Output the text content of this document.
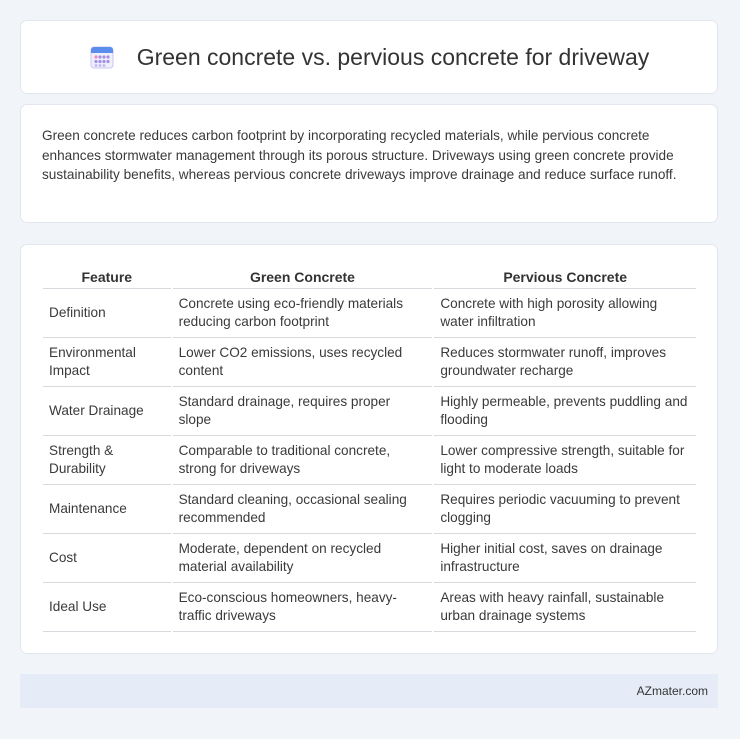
Green concrete vs. pervious concrete for driveway

Green concrete reduces carbon footprint by incorporating recycled materials, while pervious concrete enhances stormwater management through its porous structure. Driveways using green concrete provide sustainability benefits, whereas pervious concrete driveways improve drainage and reduce surface runoff.

Feature	Green Concrete	Pervious Concrete
Definition	Concrete using eco-friendly materials reducing carbon footprint	Concrete with high porosity allowing water infiltration
Environmental Impact	Lower CO2 emissions, uses recycled content	Reduces stormwater runoff, improves groundwater recharge
Water Drainage	Standard drainage, requires proper slope	Highly permeable, prevents puddling and flooding
Strength & Durability	Comparable to traditional concrete, strong for driveways	Lower compressive strength, suitable for light to moderate loads
Maintenance	Standard cleaning, occasional sealing recommended	Requires periodic vacuuming to prevent clogging
Cost	Moderate, dependent on recycled material availability	Higher initial cost, saves on drainage infrastructure
Ideal Use	Eco-conscious homeowners, heavy-traffic driveways	Areas with heavy rainfall, sustainable urban drainage systems
AZmater.com
